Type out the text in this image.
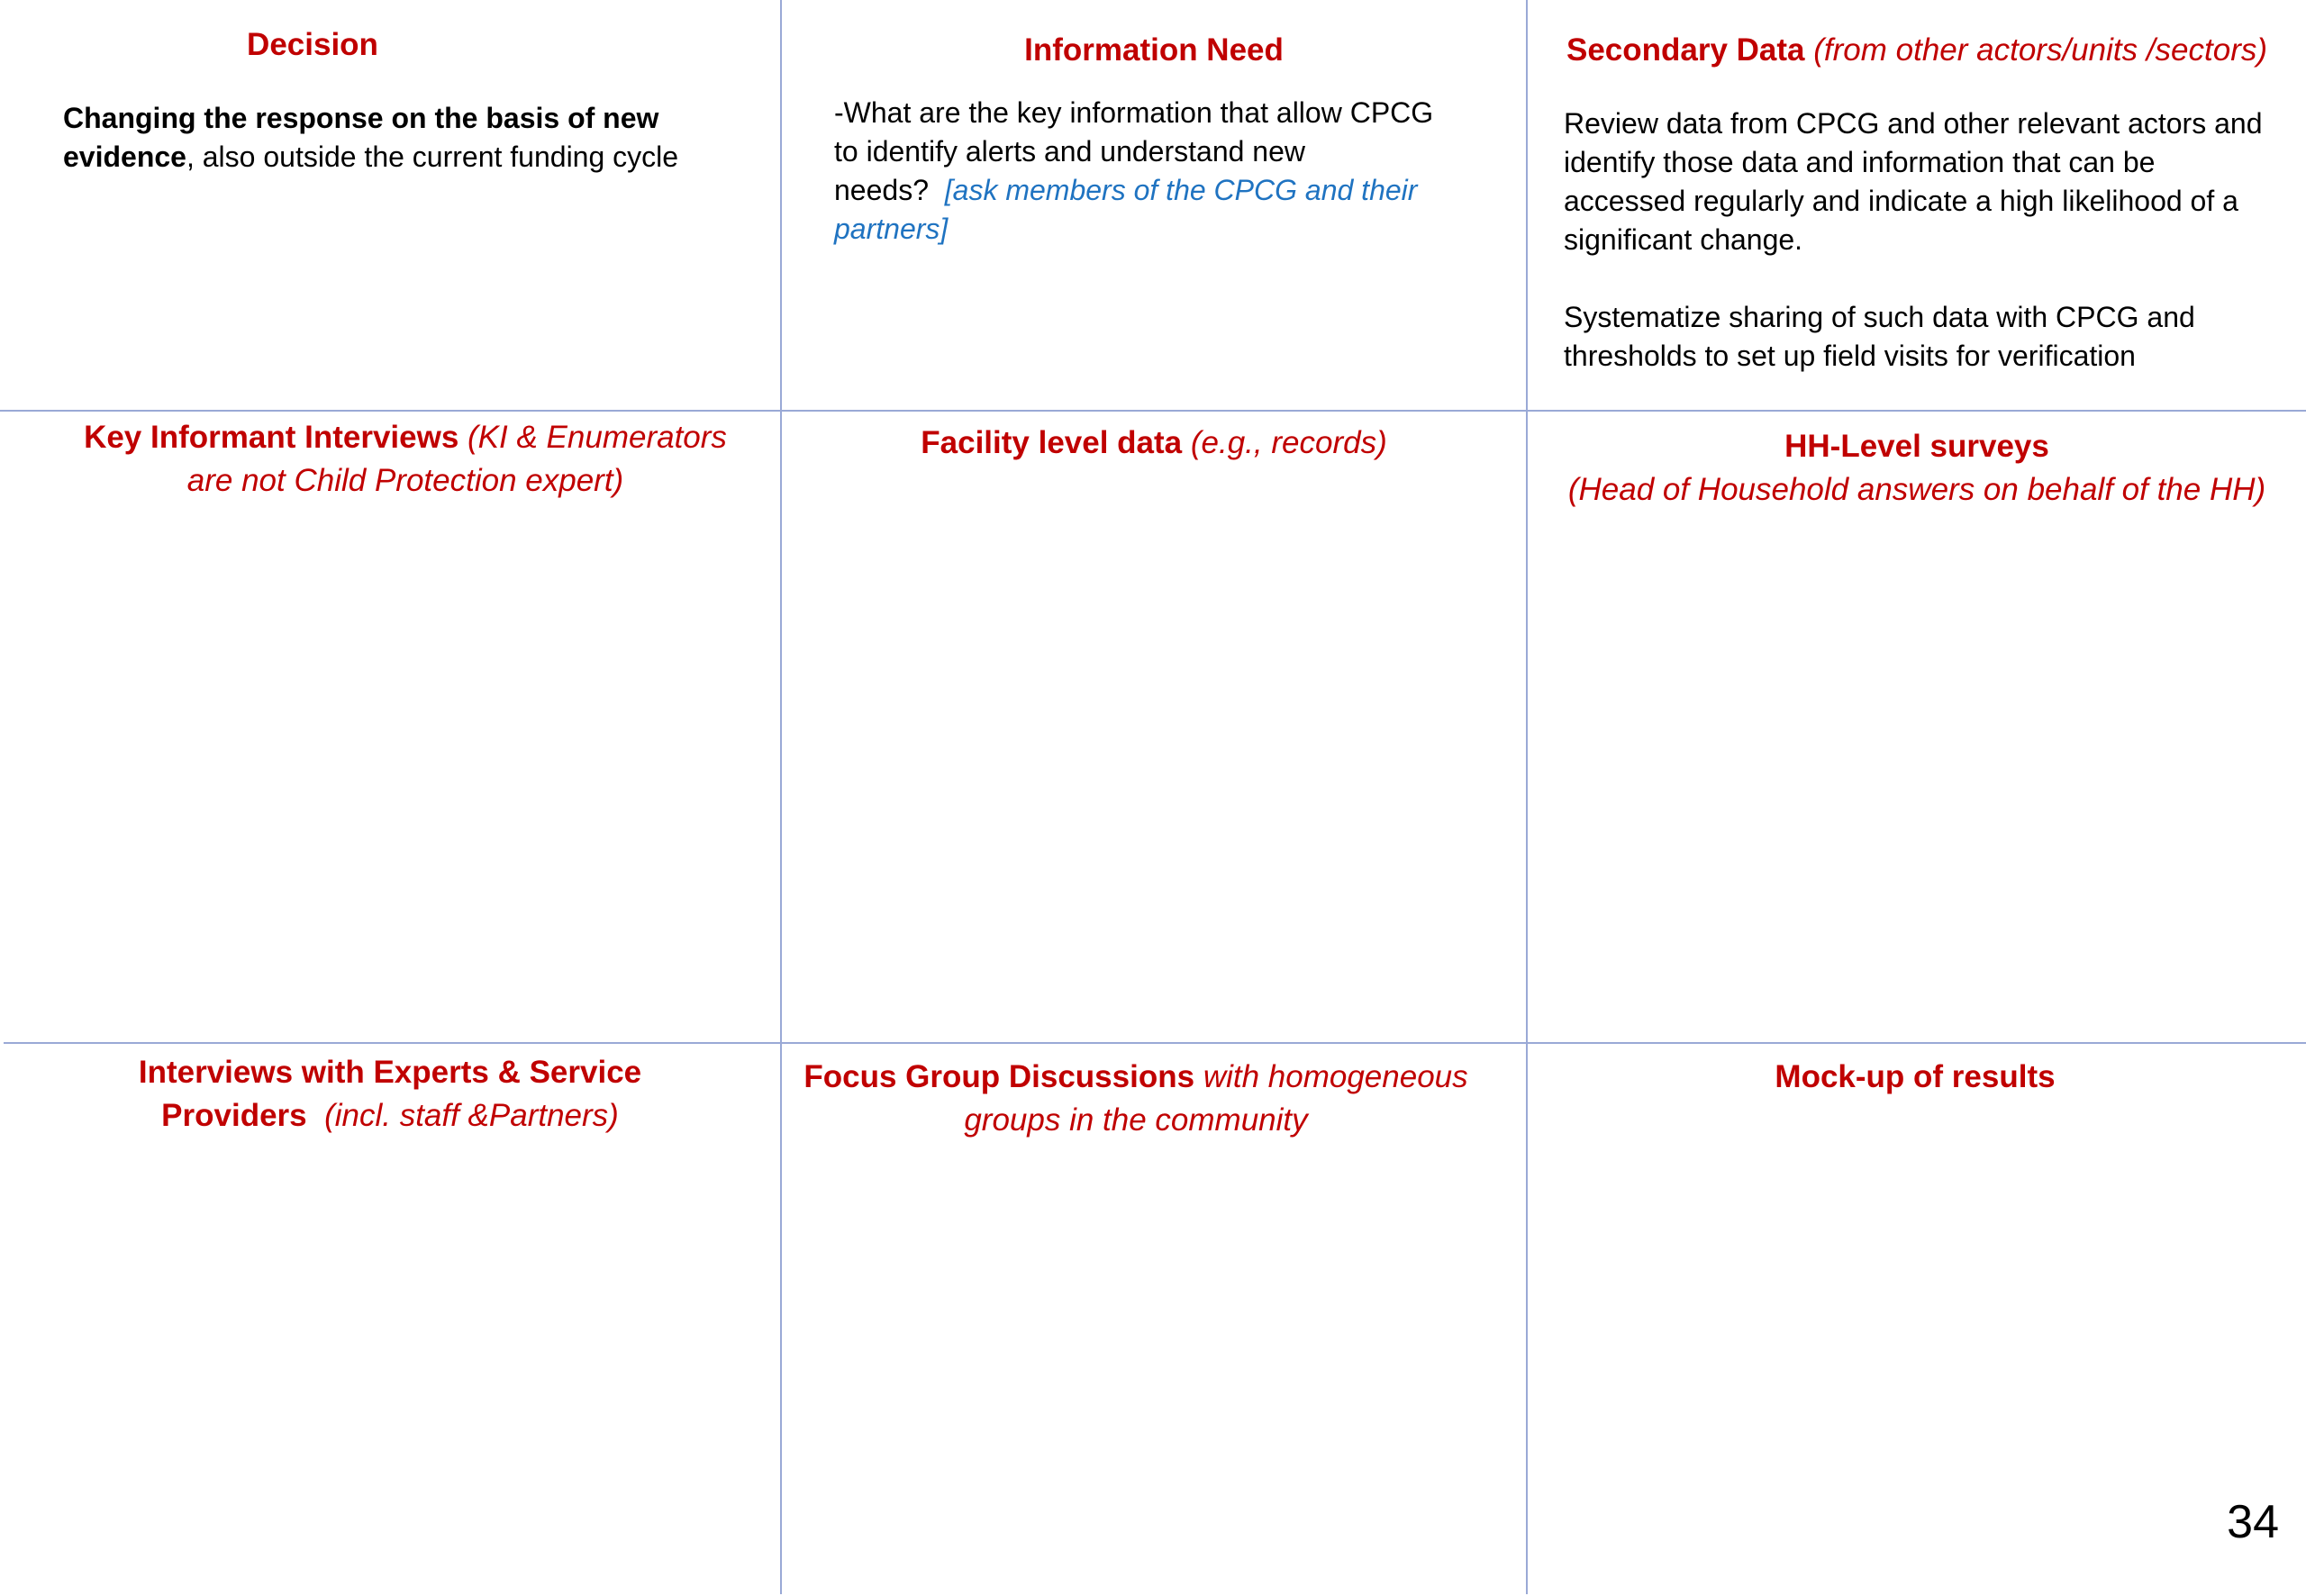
Decision
Changing the response on the basis of new evidence, also outside the current funding cycle
Information Need
-What are the key information that allow CPCG to identify alerts and understand new needs? [ask members of the CPCG and their partners]
Secondary Data (from other actors/units /sectors)
Review data from CPCG and other relevant actors and identify those data and information that can be accessed regularly and indicate a high likelihood of a significant change.
Systematize sharing of such data with CPCG and thresholds to set up field visits for verification
Key Informant Interviews (KI & Enumerators
are not Child Protection expert)
Facility level data (e.g., records)	HH-Level surveys
(Head of Household answers on behalf of the HH)
Interviews with Experts & Service
Providers (incl. staff &Partners)
Focus Group Discussions with homogeneous
groups in the community
Mock-up of results
34
